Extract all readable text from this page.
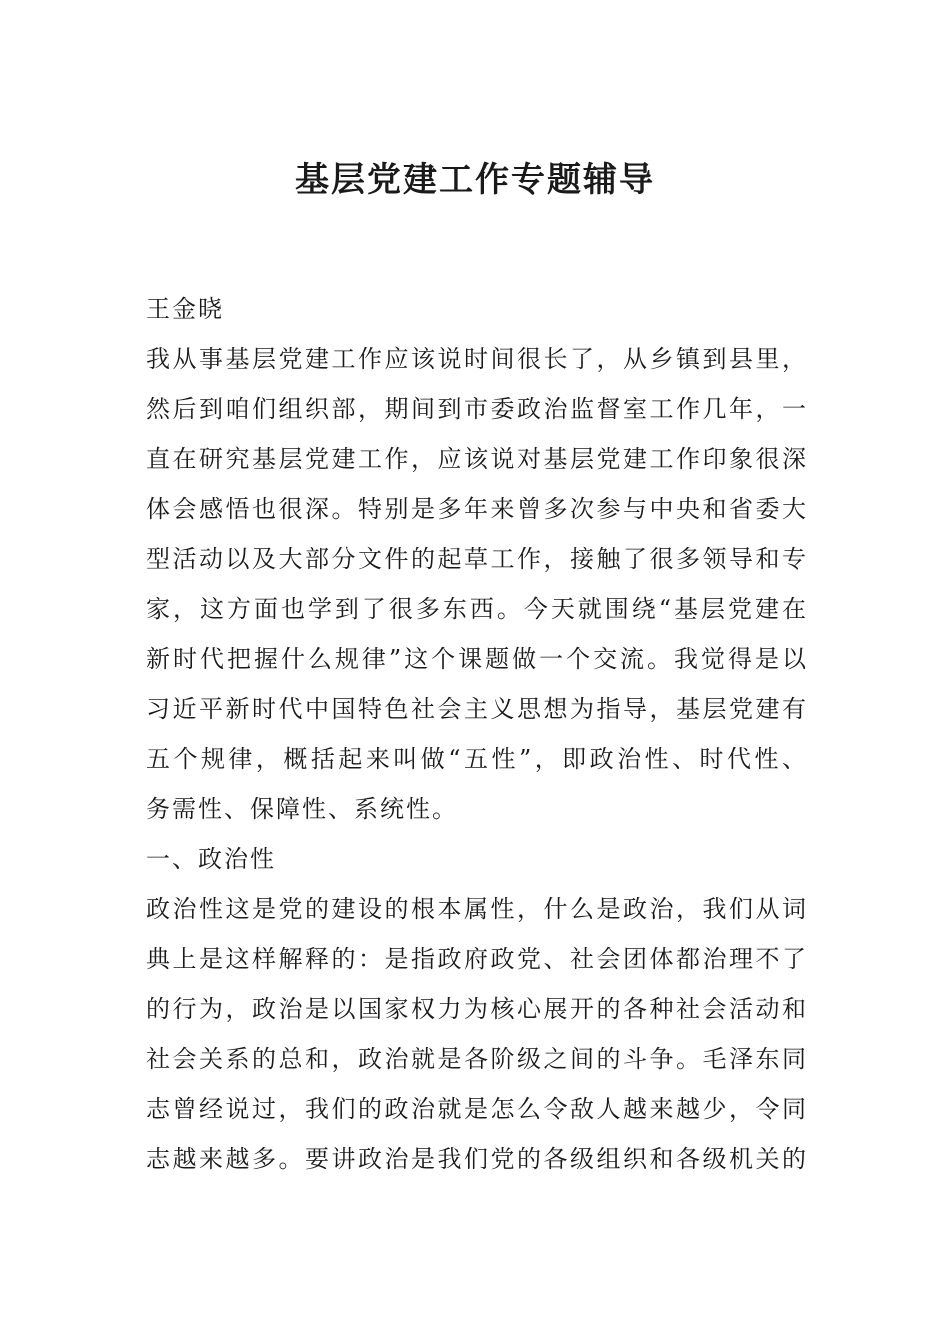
基层党建工作专题辅导
王金晓
我从事基层党建工作应该说时间很长了，从乡镇到县里，
然后到咱们组织部，期间到市委政治监督室工作几年，一
直在研究基层党建工作，应该说对基层党建工作印象很深
体会感悟也很深。特别是多年来曾多次参与中央和省委大
型活动以及大部分文件的起草工作，接触了很多领导和专
家，这方面也学到了很多东西。今天就围绕“基层党建在
新时代把握什么规律”这个课题做一个交流。我觉得是以
习近平新时代中国特色社会主义思想为指导，基层党建有
五个规律，概括起来叫做“五性”，即政治性、时代性、
务需性、保障性、系统性。
一、政治性
政治性这是党的建设的根本属性，什么是政治，我们从词
典上是这样解释的：是指政府政党、社会团体都治理不了
的行为，政治是以国家权力为核心展开的各种社会活动和
社会关系的总和，政治就是各阶级之间的斗争。毛泽东同
志曾经说过，我们的政治就是怎么令敌人越来越少，令同
志越来越多。要讲政治是我们党的各级组织和各级机关的
